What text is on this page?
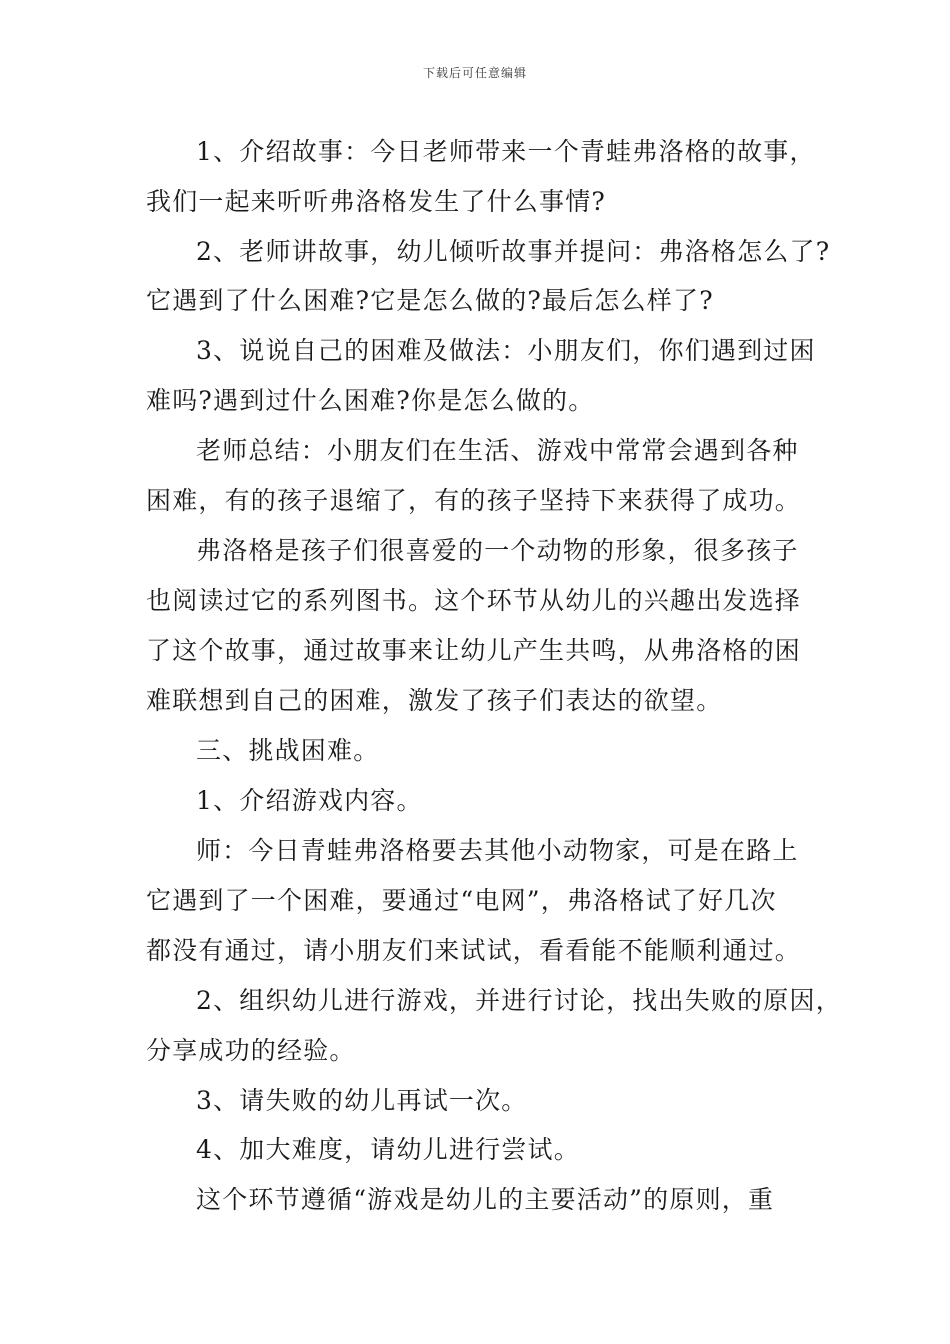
下载后可任意编辑
1、介绍故事：今日老师带来一个青蛙弗洛格的故事，
我们一起来听听弗洛格发生了什么事情?
2、老师讲故事，幼儿倾听故事并提问：弗洛格怎么了?
它遇到了什么困难?它是怎么做的?最后怎么样了?
3、说说自己的困难及做法：小朋友们，你们遇到过困
难吗?遇到过什么困难?你是怎么做的。
老师总结：小朋友们在生活、游戏中常常会遇到各种
困难，有的孩子退缩了，有的孩子坚持下来获得了成功。
弗洛格是孩子们很喜爱的一个动物的形象，很多孩子
也阅读过它的系列图书。这个环节从幼儿的兴趣出发选择
了这个故事，通过故事来让幼儿产生共鸣，从弗洛格的困
难联想到自己的困难，激发了孩子们表达的欲望。
三、挑战困难。
1、介绍游戏内容。
师：今日青蛙弗洛格要去其他小动物家，可是在路上
它遇到了一个困难，要通过“电网”，弗洛格试了好几次
都没有通过，请小朋友们来试试，看看能不能顺利通过。
2、组织幼儿进行游戏，并进行讨论，找出失败的原因，
分享成功的经验。
3、请失败的幼儿再试一次。
4、加大难度，请幼儿进行尝试。
这个环节遵循“游戏是幼儿的主要活动”的原则，重
